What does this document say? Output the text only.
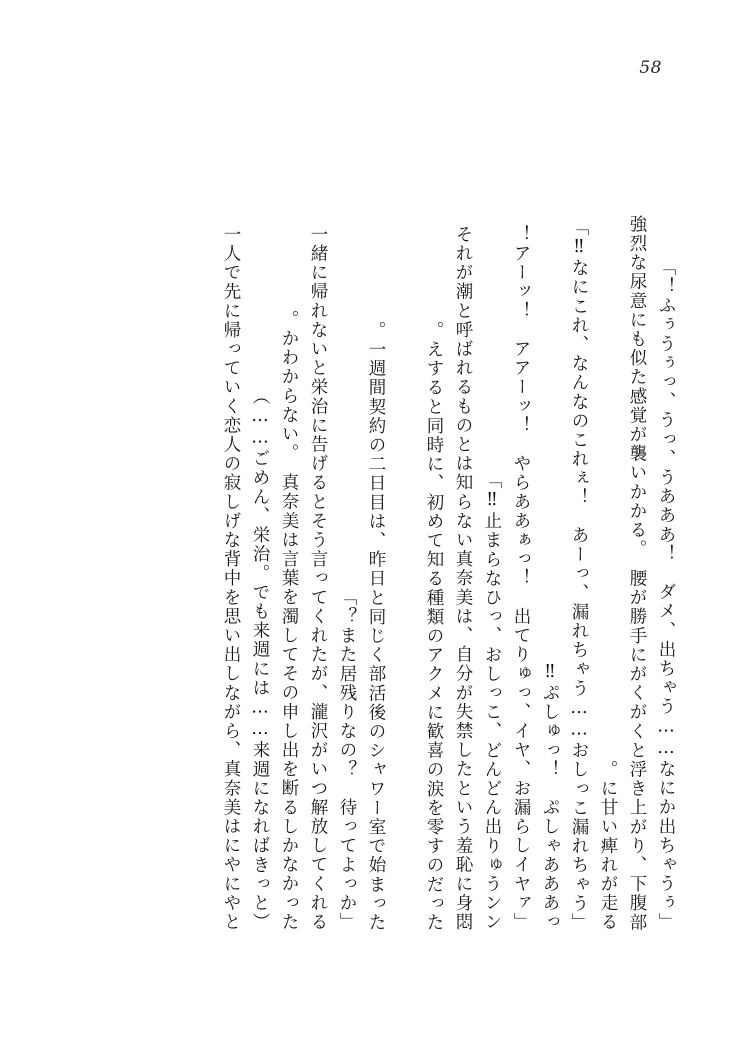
58
「ふぅうぅっ、うっ、うあああ！　ダメ、出ちゃう……なにか出ちゃうぅ！」
強烈な尿意にも似た感覚が襲いかかる。　腰が勝手にがくがくと浮き上がり、下腹部
に甘い痺れが走る。
「なにこれ、なんなのこれぇ！　あーっ、漏れちゃう……おしっこ漏れちゃう‼」
ぷしゅっ！　ぷしゃあああっ‼
「アーッ！　アアーッ！　やらああぁっ！　出てりゅっ、イヤ、お漏らしイヤァ！
止まらなひっ、おしっこ、どんどん出りゅうンン‼」
それが潮と呼ばれるものとは知らない真奈美は、自分が失禁したという羞恥に身悶
えすると同時に、初めて知る種類のアクメに歓喜の涙を零すのだった。
一週間契約の二日目は、昨日と同じく部活後のシャワー室で始まった。
「また居残りなの？　待ってよっか？」
一緒に帰れないと栄治に告げるとそう言ってくれたが、瀧沢がいつ解放してくれる
かわからない。　真奈美は言葉を濁してその申し出を断るしかなかった。
（ごめん、栄治。でも来週には……来週になればきっと……）
一人で先に帰っていく恋人の寂しげな背中を思い出しながら、真奈美はにやにやと
